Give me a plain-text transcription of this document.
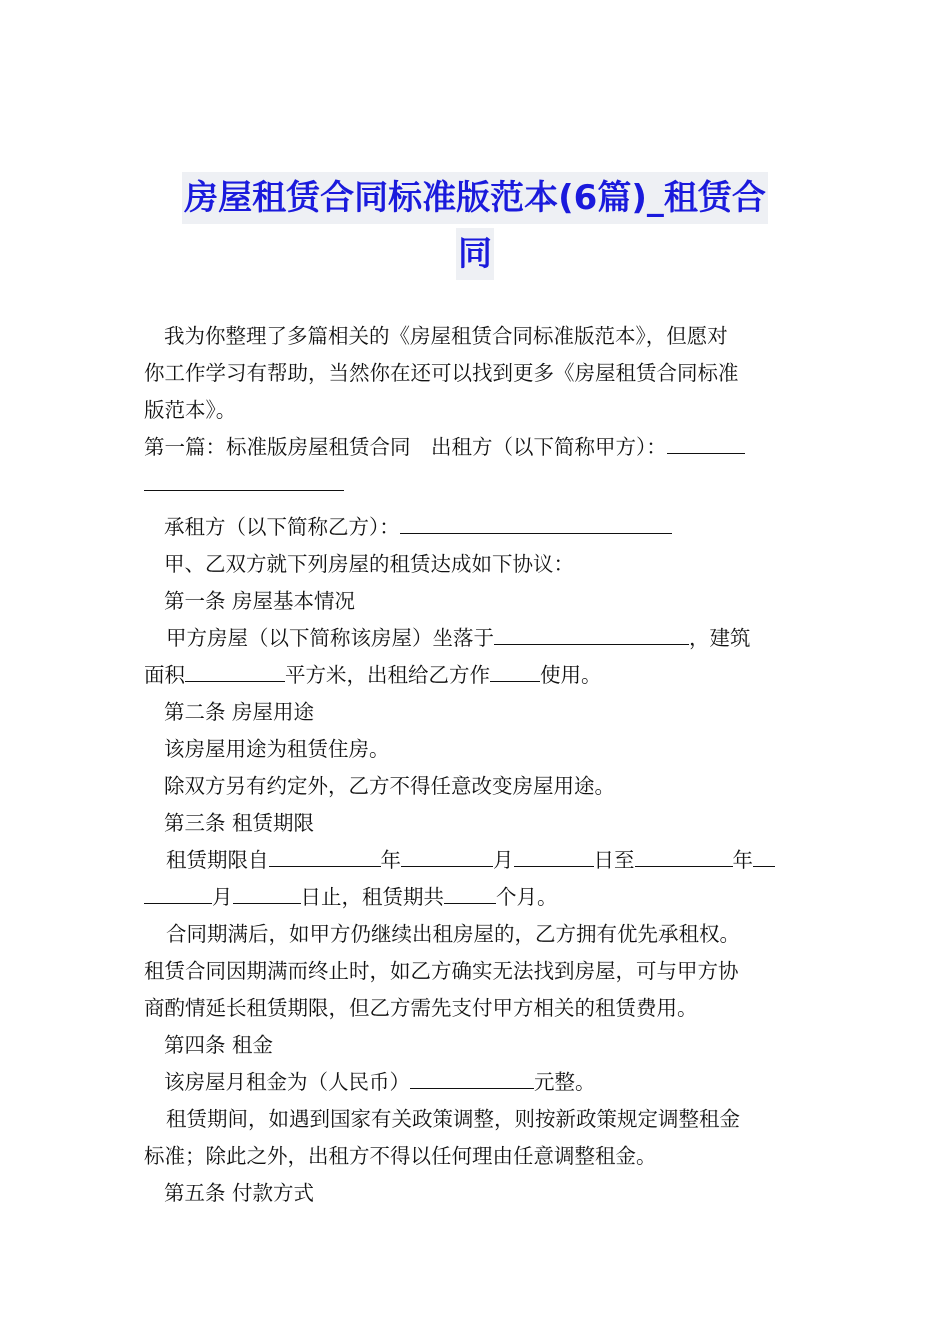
房屋租赁合同标准版范本(6篇)_租赁合
同

我为你整理了多篇相关的《房屋租赁合同标准版范本》，但愿对

你工作学习有帮助，当然你在还可以找到更多《房屋租赁合同标准

版范本》。

第一篇：标准版房屋租赁合同　 出租方（以下简称甲方）：

承租方（以下简称乙方）：

甲、乙双方就下列房屋的租赁达成如下协议：

第一条 房屋基本情况

甲方房屋（以下简称该房屋）坐落于	，建筑

面积	平方米，出租给乙方作 使用。

第二条 房屋用途

该房屋用途为租赁住房。

除双方另有约定外，乙方不得任意改变房屋用途。

第三条 租赁期限

租赁期限自	年	月	日至	年

月	日止，租赁期共	个月。

合同期满后，如甲方仍继续出租房屋的，乙方拥有优先承租权。

租赁合同因期满而终止时，如乙方确实无法找到房屋，可与甲方协

商酌情延长租赁期限，但乙方需先支付甲方相关的租赁费用。

第四条 租金

该房屋月租金为（人民币）	元整。

租赁期间，如遇到国家有关政策调整，则按新政策规定调整租金

标准；除此之外，出租方不得以任何理由任意调整租金。

第五条 付款方式
